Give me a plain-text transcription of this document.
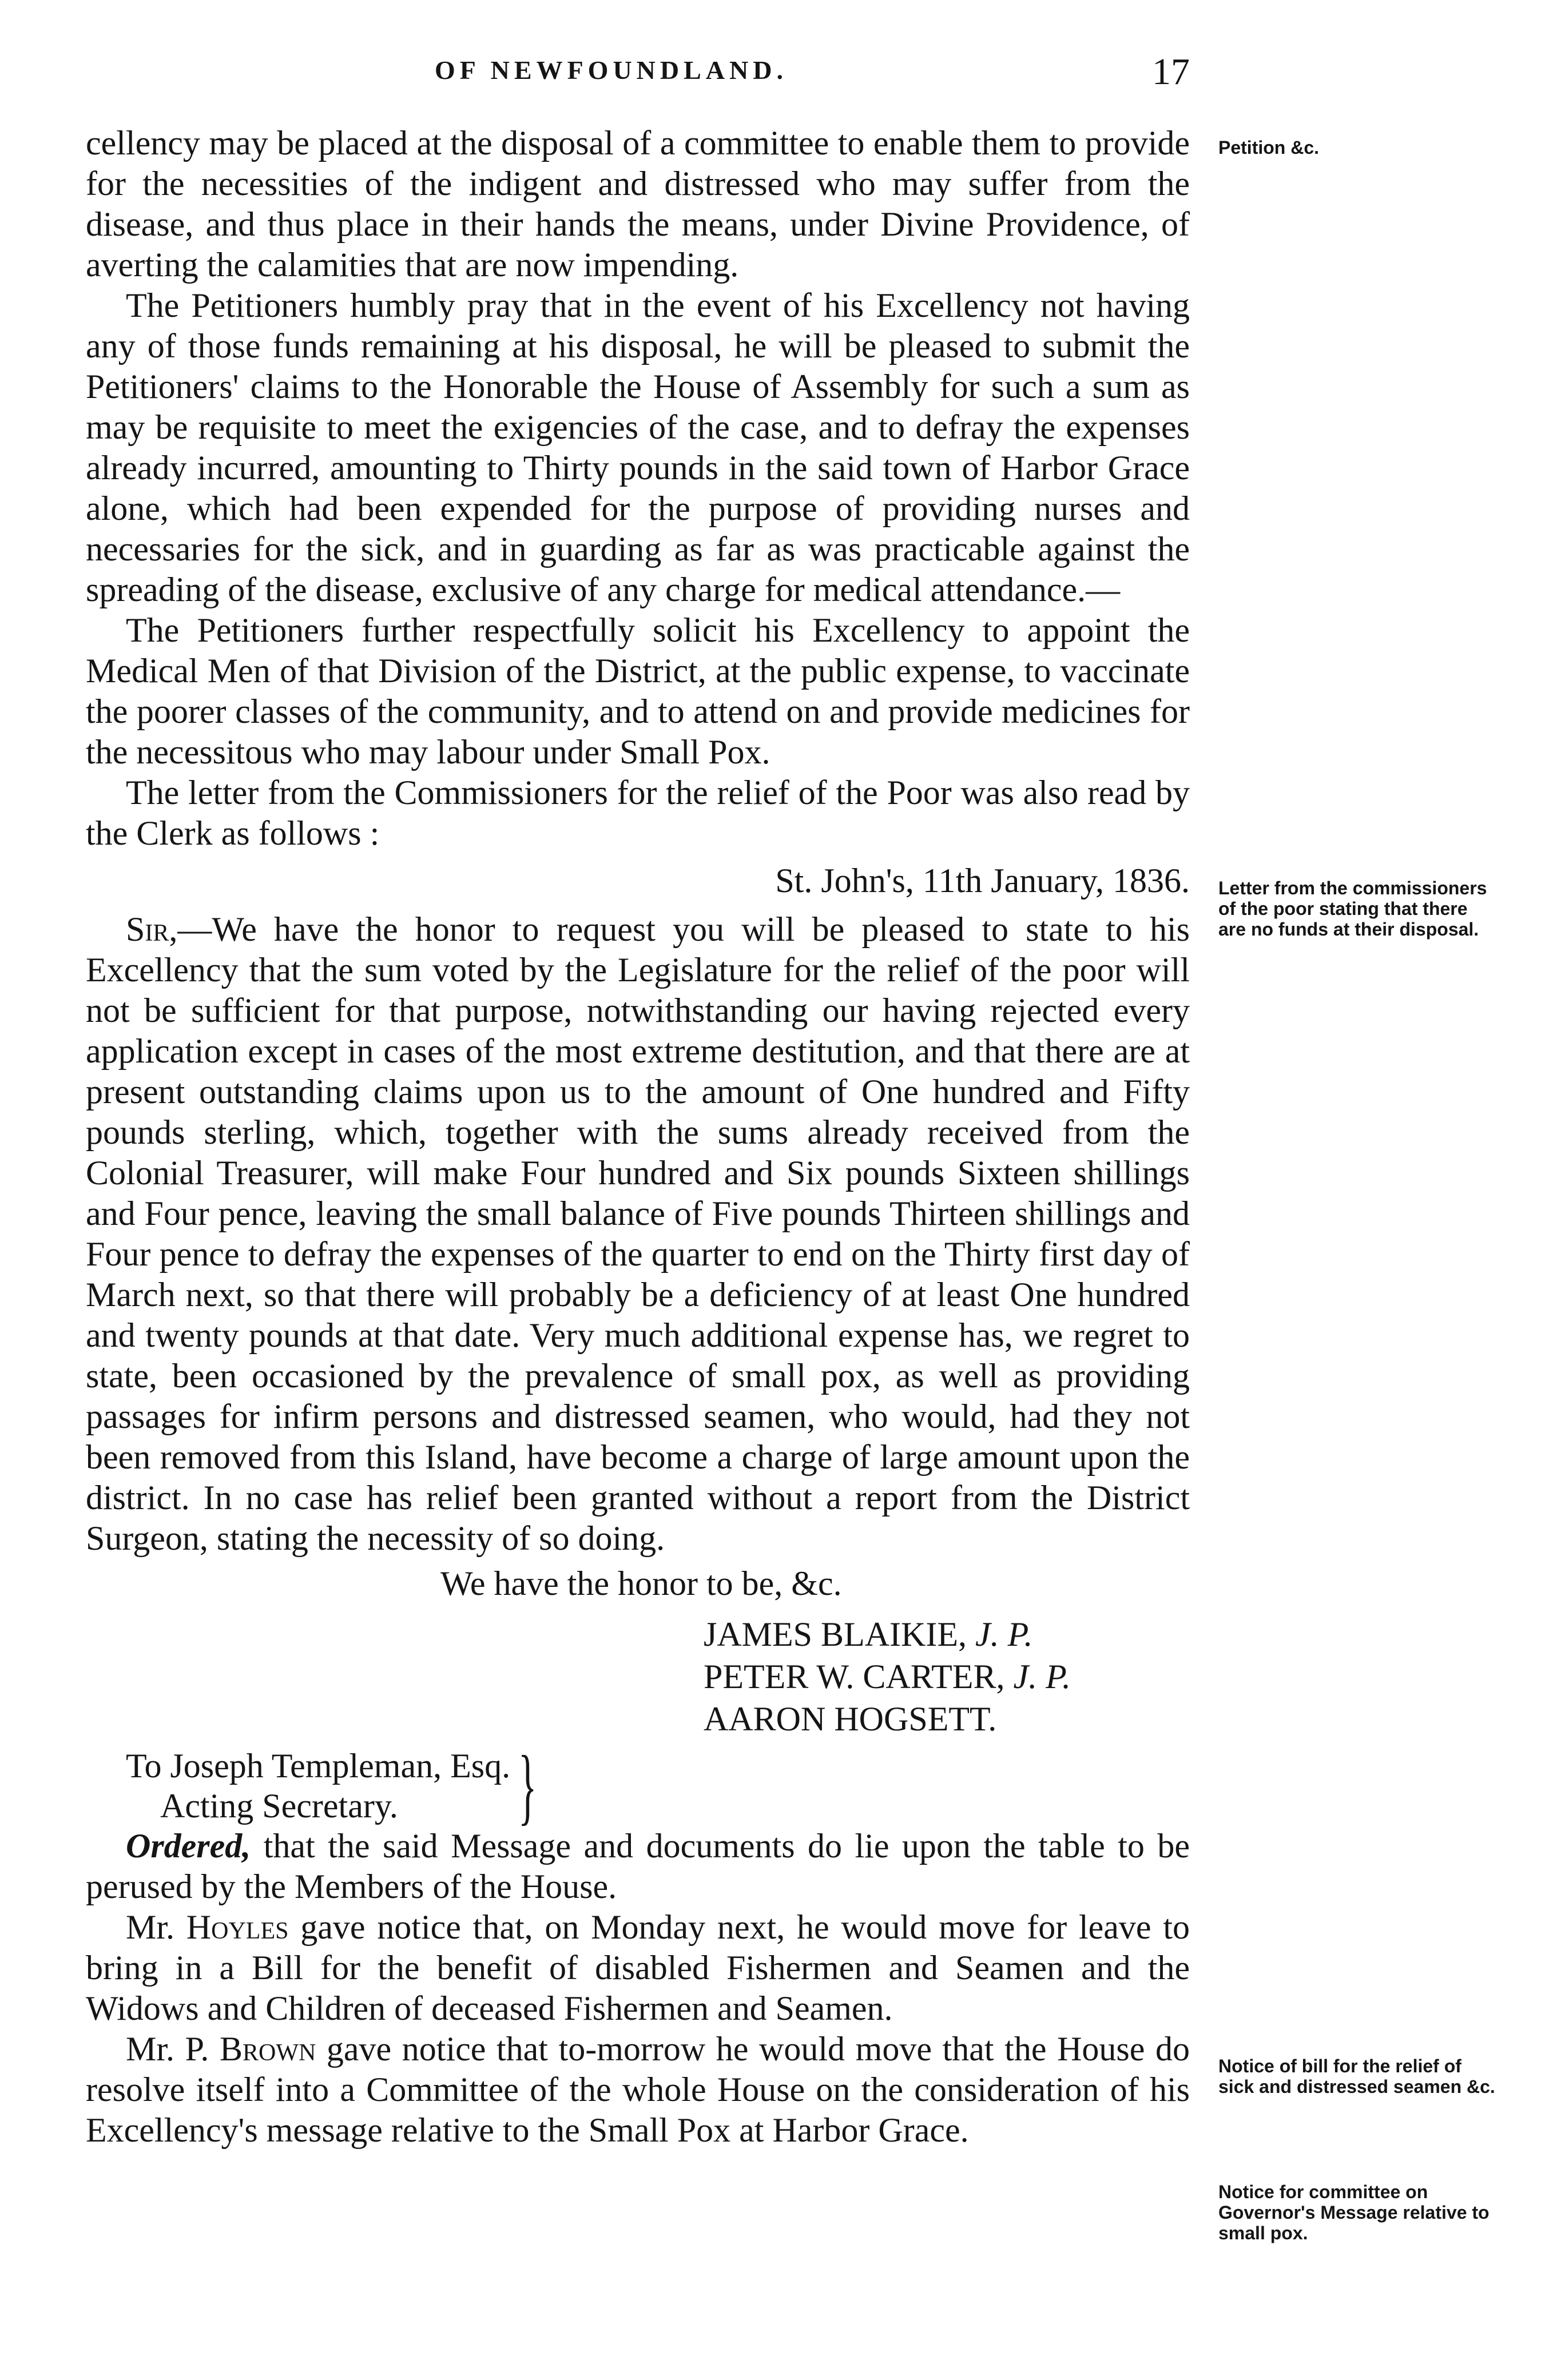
OF NEWFOUNDLAND.	17

cellency may be placed at the disposal of a committee to enable them to provide for the necessities of the indigent and distressed who may suffer from the disease, and thus place in their hands the means, under Divine Providence, of averting the calamities that are now impending.

The Petitioners humbly pray that in the event of his Excellency not having any of those funds remaining at his disposal, he will be pleased to submit the Petitioners' claims to the Honorable the House of Assembly for such a sum as may be requisite to meet the exigencies of the case, and to defray the expenses already incurred, amounting to Thirty pounds in the said town of Harbor Grace alone, which had been expended for the purpose of providing nurses and necessaries for the sick, and in guarding as far as was practicable against the spreading of the disease, exclusive of any charge for medical attendance.—

The Petitioners further respectfully solicit his Excellency to appoint the Medical Men of that Division of the District, at the public expense, to vaccinate the poorer classes of the community, and to attend on and provide medicines for the necessitous who may labour under Small Pox.

The letter from the Commissioners for the relief of the Poor was also read by the Clerk as follows :

St. John's, 11th January, 1836.

Sir,—We have the honor to request you will be pleased to state to his Excellency that the sum voted by the Legislature for the relief of the poor will not be sufficient for that purpose, notwithstanding our having rejected every application except in cases of the most extreme destitution, and that there are at present outstanding claims upon us to the amount of One hundred and Fifty pounds sterling, which, together with the sums already received from the Colonial Treasurer, will make Four hundred and Six pounds Sixteen shillings and Four pence, leaving the small balance of Five pounds Thirteen shillings and Four pence to defray the expenses of the quarter to end on the Thirty first day of March next, so that there will probably be a deficiency of at least One hundred and twenty pounds at that date. Very much additional expense has, we regret to state, been occasioned by the prevalence of small pox, as well as providing passages for infirm persons and distressed seamen, who would, had they not been removed from this Island, have become a charge of large amount upon the district. In no case has relief been granted without a report from the District Surgeon, stating the necessity of so doing.

We have the honor to be, &c.

JAMES BLAIKIE, J. P.
PETER W. CARTER, J. P.
AARON HOGSETT.
To Joseph Templeman, Esq.
Acting Secretary.	}

Ordered, that the said Message and documents do lie upon the table to be perused by the Members of the House.

Mr. Hoyles gave notice that, on Monday next, he would move for leave to bring in a Bill for the benefit of disabled Fishermen and Seamen and the Widows and Children of deceased Fishermen and Seamen.

Mr. P. Brown gave notice that to-morrow he would move that the House do resolve itself into a Committee of the whole House on the consideration of his Excellency's message relative to the Small Pox at Harbor Grace.

Petition &c.
Letter from the commissioners of the poor stating that there are no funds at their disposal.
Notice of bill for the relief of sick and distressed seamen &c.
Notice for committee on Governor's Message relative to small pox.
